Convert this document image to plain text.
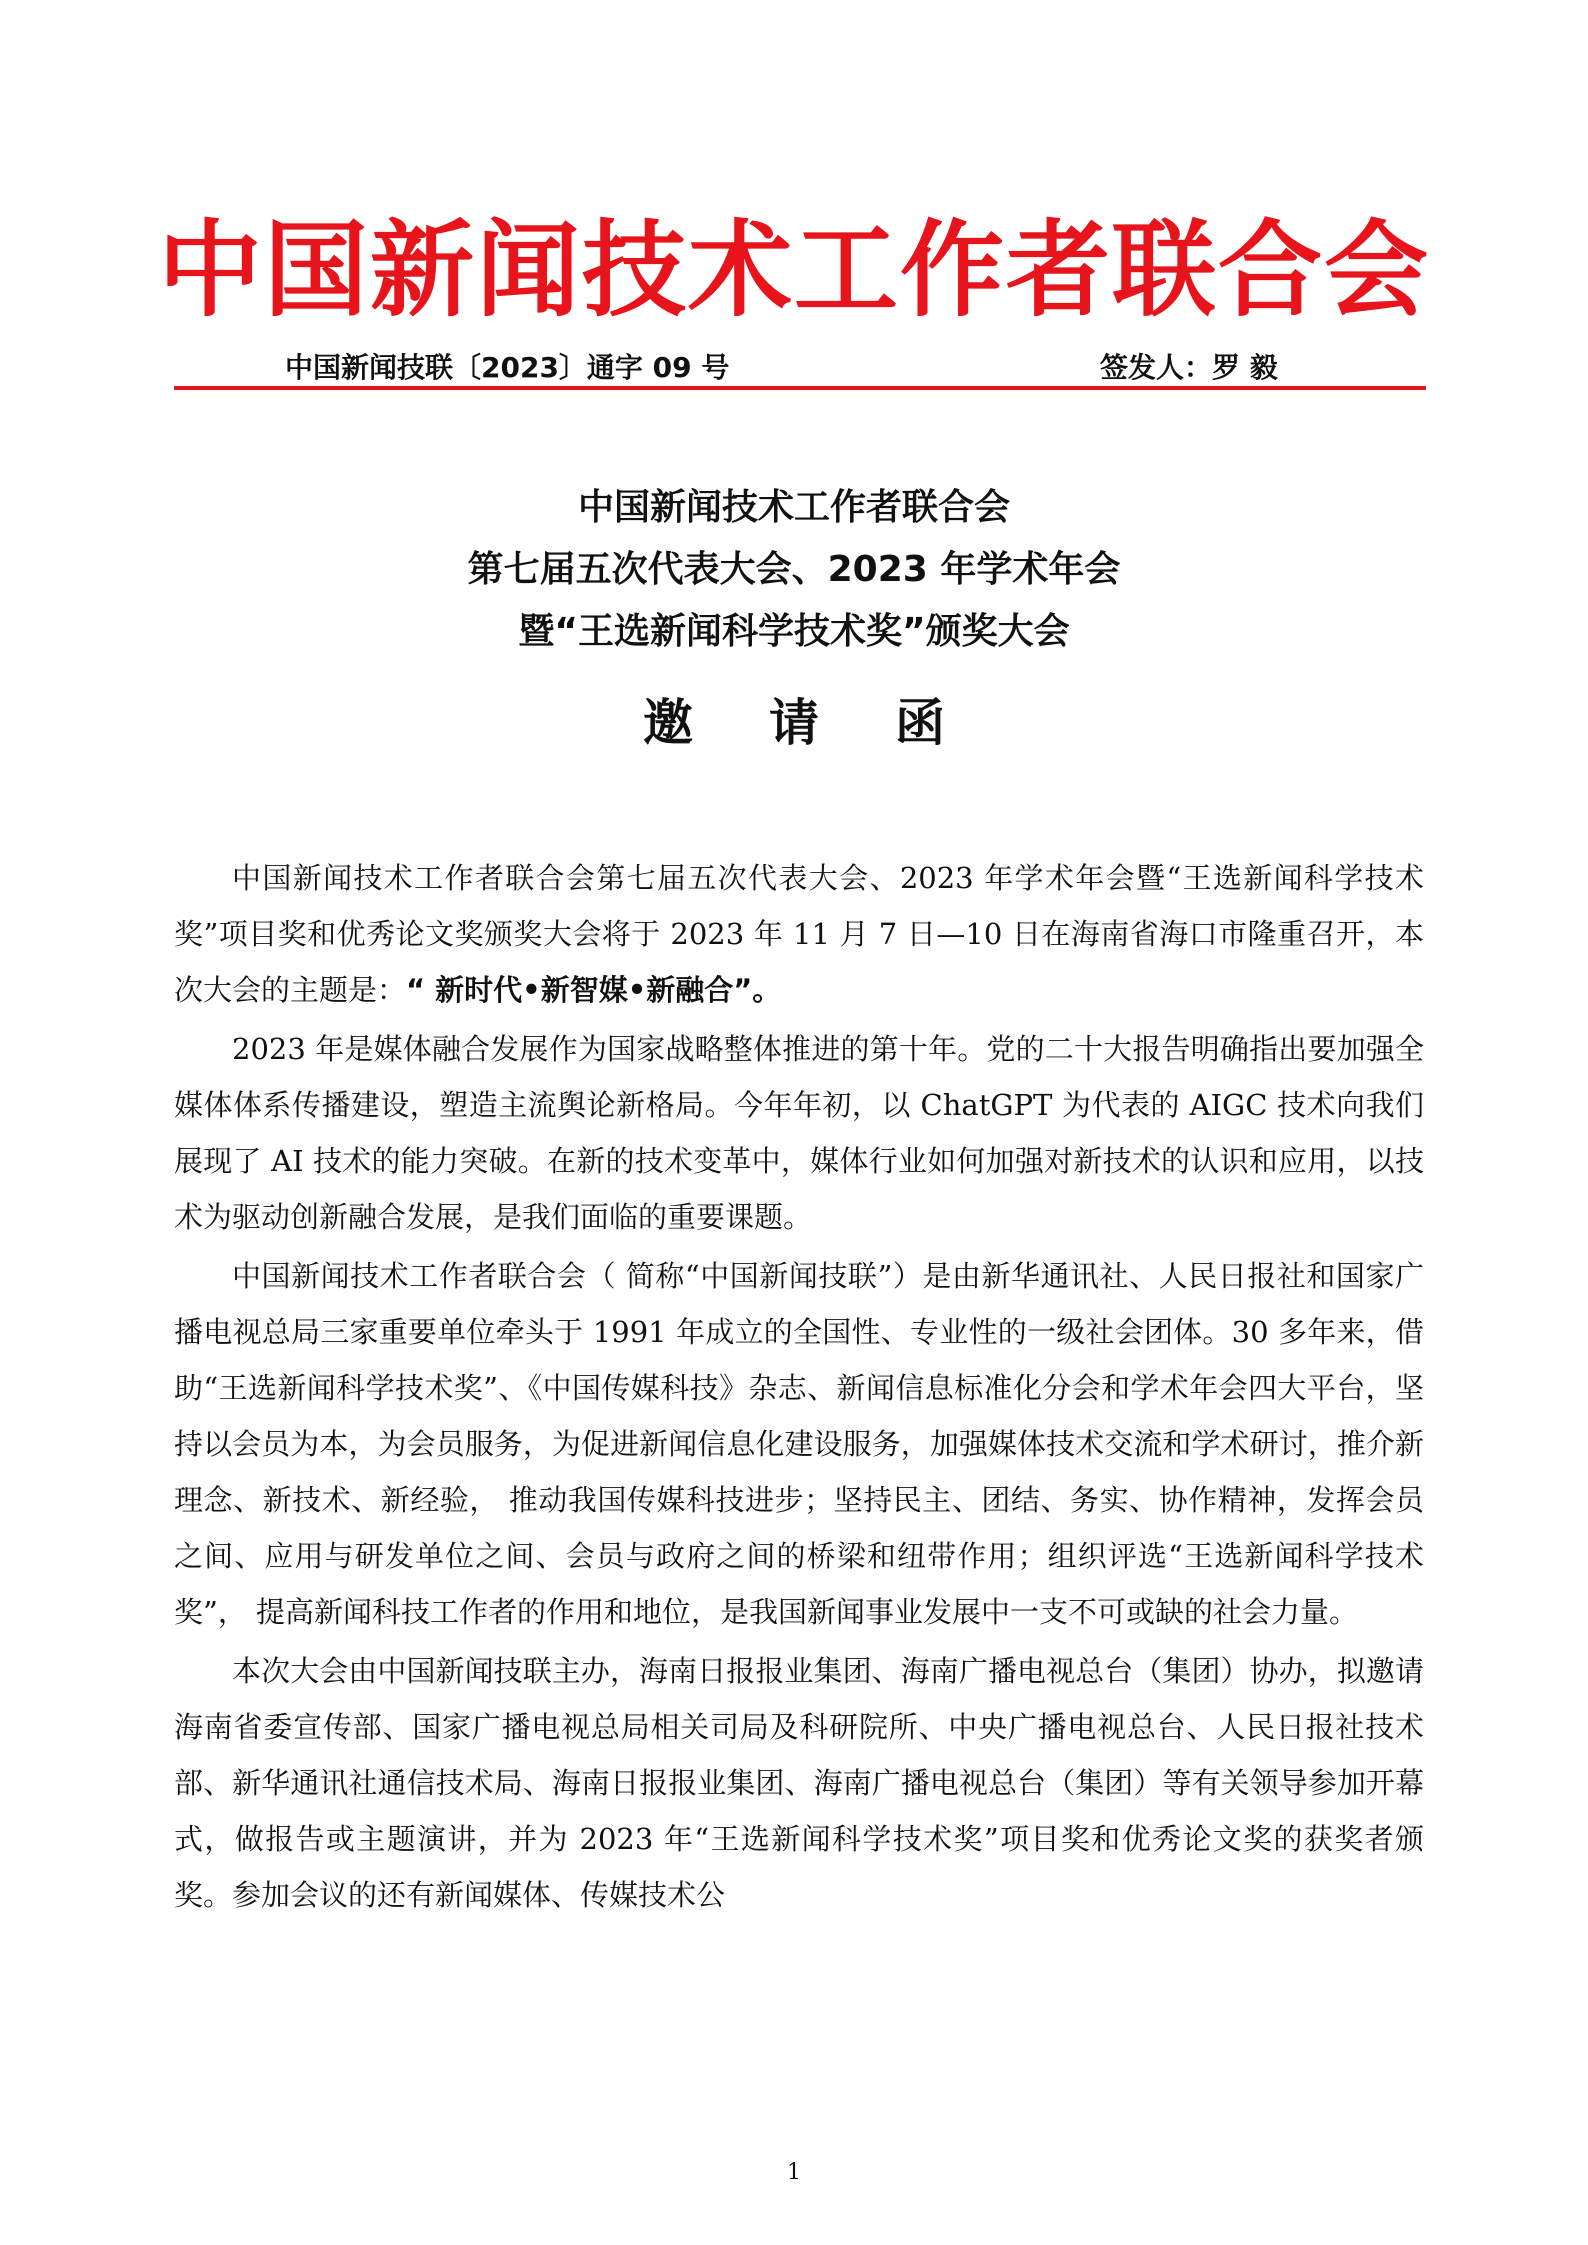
中国新闻技术工作者联合会
中国新闻技联〔2023〕通字 09 号	签发人：罗 毅
中国新闻技术工作者联合会
第七届五次代表大会、2023 年学术年会
暨“王选新闻科学技术奖”颁奖大会
邀请函

中国新闻技术工作者联合会第七届五次代表大会、2023 年学术年会暨“王选新闻科学技术奖”项目奖和优秀论文奖颁奖大会将于 2023 年 11 月 7 日—10 日在海南省海口市隆重召开，本次大会的主题是：“ 新时代•新智媒•新融合”。

2023 年是媒体融合发展作为国家战略整体推进的第十年。党的二十大报告明确指出要加强全媒体体系传播建设，塑造主流舆论新格局。今年年初，以 ChatGPT 为代表的 AIGC 技术向我们展现了 AI 技术的能力突破。在新的技术变革中，媒体行业如何加强对新技术的认识和应用，以技术为驱动创新融合发展，是我们面临的重要课题。

中国新闻技术工作者联合会（ 简称“中国新闻技联”）是由新华通讯社、人民日报社和国家广播电视总局三家重要单位牵头于 1991 年成立的全国性、专业性的一级社会团体。30 多年来，借助“王选新闻科学技术奖”、《中国传媒科技》杂志、新闻信息标准化分会和学术年会四大平台，坚持以会员为本，为会员服务，为促进新闻信息化建设服务，加强媒体技术交流和学术研讨，推介新理念、新技术、新经验， 推动我国传媒科技进步；坚持民主、团结、务实、协作精神，发挥会员之间、应用与研发单位之间、会员与政府之间的桥梁和纽带作用；组织评选“王选新闻科学技术奖”， 提高新闻科技工作者的作用和地位，是我国新闻事业发展中一支不可或缺的社会力量。

本次大会由中国新闻技联主办，海南日报报业集团、海南广播电视总台（集团）协办，拟邀请海南省委宣传部、国家广播电视总局相关司局及科研院所、中央广播电视总台、人民日报社技术部、新华通讯社通信技术局、海南日报报业集团、海南广播电视总台（集团）等有关领导参加开幕式，做报告或主题演讲，并为 2023 年“王选新闻科学技术奖”项目奖和优秀论文奖的获奖者颁奖。参加会议的还有新闻媒体、传媒技术公

1
